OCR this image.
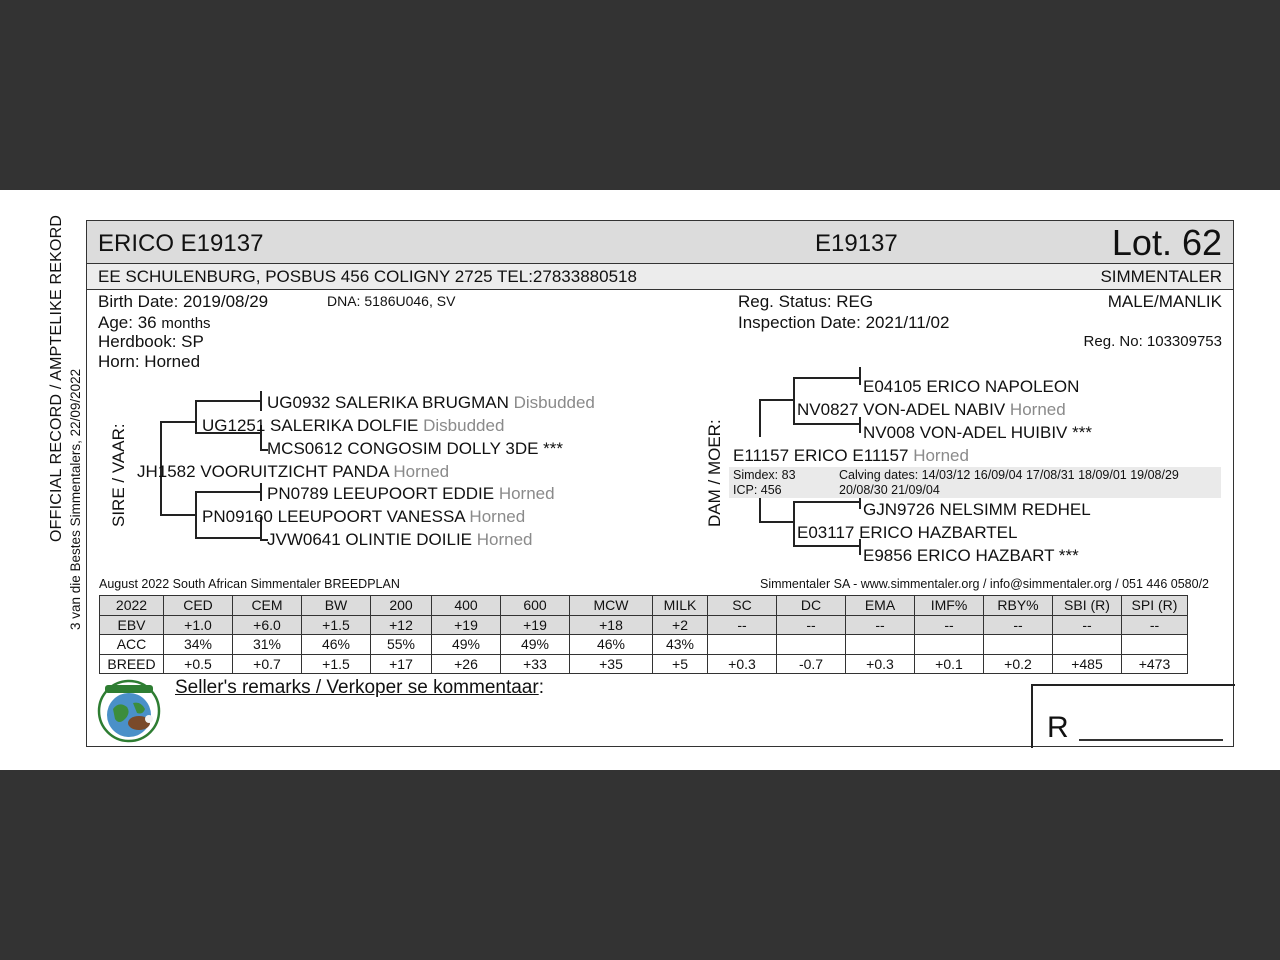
OFFICIAL RECORD / AMPTELIKE REKORD 3 van die Bestes Simmentalers, 22/09/2022
ERICO E19137	E19137	Lot. 62
EE SCHULENBURG, POSBUS 456 COLIGNY 2725 TEL:27833880518	SIMMENTALER
Birth Date: 2019/08/29	DNA: 5186U046, SV
Age: 36 months
Herdbook: SP
Horn: Horned
Reg. Status: REG
Inspection Date: 2021/11/02
MALE/MANLIK
Reg. No: 103309753
SIRE / VAAR:
UG0932 SALERIKA BRUGMAN Disbudded
UG1251 SALERIKA DOLFIE Disbudded
MCS0612 CONGOSIM DOLLY 3DE ***
JH1582 VOORUITZICHT PANDA Horned
PN0789 LEEUPOORT EDDIE Horned
PN09160 LEEUPOORT VANESSA Horned
JVW0641 OLINTIE DOILIE Horned
DAM / MOER:
E04105 ERICO NAPOLEON
NV0827 VON-ADEL NABIV Horned
NV008 VON-ADEL HUIBIV ***
E11157 ERICO E11157 Horned
Simdex: 83
ICP: 456
Calving dates: 14/03/12 16/09/04 17/08/31 18/09/01 19/08/29
20/08/30 21/09/04
GJN9726 NELSIMM REDHEL
E03117 ERICO HAZBARTEL
E9856 ERICO HAZBART ***
August 2022 South African Simmentaler BREEDPLAN	Simmentaler SA - www.simmentaler.org / info@simmentaler.org / 051 446 0580/2
2022	CED	CEM	BW	200	400	600	MCW	MILK	SC	DC	EMA	IMF%	RBY%	SBI (R)	SPI (R)
EBV	+1.0	+6.0	+1.5	+12	+19	+19	+18	+2	--	--	--	--	--	--	--
ACC	34%	31%	46%	55%	49%	49%	46%	43%							
BREED	+0.5	+0.7	+1.5	+17	+26	+33	+35	+5	+0.3	-0.7	+0.3	+0.1	+0.2	+485	+473
Seller's remarks / Verkoper se kommentaar:
R
